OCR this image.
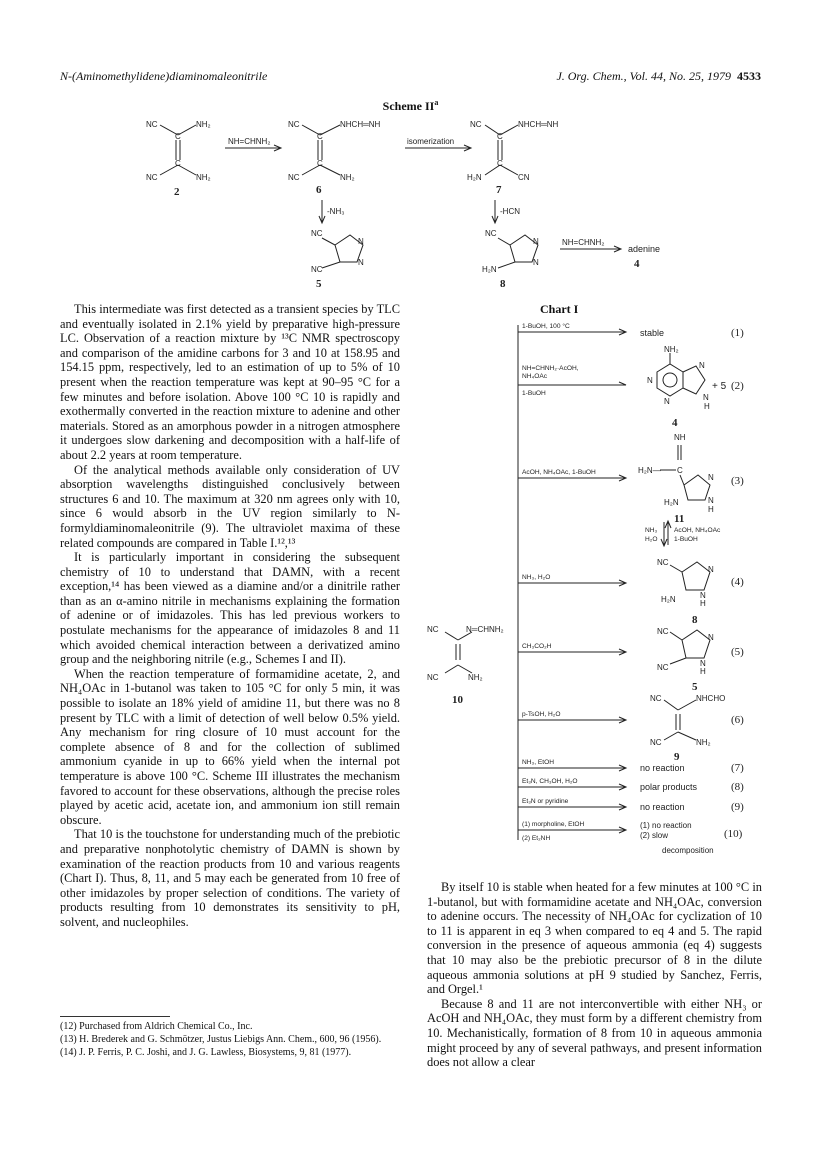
N-(Aminomethylidene)diaminomaleonitrile	J. Org. Chem., Vol. 44, No. 25, 1979 4533
Scheme $II^a$
NC	NH₂
C
C
NC	NH₂
NH=CHNH₂
NC	NHCH═NH
C
C
NC	NH₂
isomerization
NC	NHCH═NH
C
C
H₂N	CN
-NH₃	-HCN
NC
N
NC
N
NC
N
H₂N
N
NH=CHNH₂
adenine
2	6	7
5	8
4

This intermediate was first detected as a transient species by TLC and eventually isolated in 2.1% yield by preparative high-pressure LC. Observation of a reaction mixture by ¹³C NMR spectroscopy and comparison of the amidine carbons for 3 and 10 at 158.95 and 154.15 ppm, respectively, led to an estimation of up to 5% of 10 present when the reaction temperature was kept at 90–95 °C for a few minutes and before isolation. Above 100 °C 10 is rapidly and exothermally converted in the reaction mixture to adenine and other materials. Stored as an amorphous powder in a nitrogen atmosphere it undergoes slow darkening and decomposition with a half-life of about 2.2 years at room temperature.

Of the analytical methods available only consideration of UV absorption wavelengths distinguished conclusively between structures 6 and 10. The maximum at 320 nm agrees only with 10, since 6 would absorb in the UV region similarly to N-formyldiaminomaleonitrile (9). The ultraviolet maxima of these related compounds are compared in Table I.¹²,¹³

It is particularly important in considering the subsequent chemistry of 10 to understand that DAMN, with a recent exception,¹⁴ has been viewed as a diamine and/or a dinitrile rather than as an α-amino nitrile in mechanisms explaining the formation of adenine or of imidazoles. This has led previous workers to postulate mechanisms for the appearance of imidazoles 8 and 11 which avoided chemical interaction between a derivatized amino group and the neighboring nitrile (e.g., Schemes I and II).

When the reaction temperature of formamidine acetate, 2, and NH₄OAc in 1-butanol was taken to 105 °C for only 5 min, it was possible to isolate an 18% yield of amidine 11, but there was no 8 present by TLC with a limit of detection of well below 0.5% yield. Any mechanism for ring closure of 10 must account for the complete absence of 8 and for the collection of sublimed ammonium cyanide in up to 66% yield when the internal pot temperature is above 100 °C. Scheme III illustrates the mechanism favored to account for these observations, although the precise roles played by acetic acid, acetate ion, and ammonium ion still remain obscure.

That 10 is the touchstone for understanding much of the prebiotic and preparative nonphotolytic chemistry of DAMN is shown by examination of the reaction products from 10 and various reagents (Chart I). Thus, 8, 11, and 5 may each be generated from 10 free of other imidazoles by proper selection of conditions. The variety of products resulting from 10 demonstrates its sensitivity to pH, solvent, and nucleophiles.

(12) Purchased from Aldrich Chemical Co., Inc.

(13) H. Brederek and G. Schmötzer, Justus Liebigs Ann. Chem., 600, 96 (1956).

(14) J. P. Ferris, P. C. Joshi, and J. G. Lawless, Biosystems, 9, 81 (1977).

Chart I
NC	N═CHNH₂
NC	NH₂
10
1-BuOH, 100 °C
stable	(1)
NH=CHNH₂·AcOH,
NH₄OAc
1-BuOH
NH₂
N
N
N	N
H
+ 5 (2)
4
AcOH, NH₄OAc, 1-BuOH
NH
H₂N— C
N
H₂N	N
H
(3)
11
NH₃
H₂O
AcOH, NH₄OAc
1-BuOH
NH₃, H₂O
NC
N
H₂N	N
H
(4)
8
CH₃CO₂H
NC
N
NC	N
H
(5)
5
p-TsOH, H₂O
NC	NHCHO
NC	NH₂
(6)
9
NH₃, EtOH
no reaction	(7)
Et₃N, CH₃OH, H₂O
polar products	(8)
Et₃N or pyridine
no reaction	(9)
(1) morpholine, EtOH
(2) Et₂NH
(1) no reaction
(2) slow
decomposition
(10)

By itself 10 is stable when heated for a few minutes at 100 °C in 1-butanol, but with formamidine acetate and NH₄OAc, conversion to adenine occurs. The necessity of NH₄OAc for cyclization of 10 to 11 is apparent in eq 3 when compared to eq 4 and 5. The rapid conversion in the presence of aqueous ammonia (eq 4) suggests that 10 may also be the prebiotic precursor of 8 in the dilute aqueous ammonia solutions at pH 9 studied by Sanchez, Ferris, and Orgel.¹

Because 8 and 11 are not interconvertible with either NH₃ or AcOH and NH₄OAc, they must form by a different chemistry from 10. Mechanistically, formation of 8 from 10 in aqueous ammonia might proceed by any of several pathways, and present information does not allow a clear
